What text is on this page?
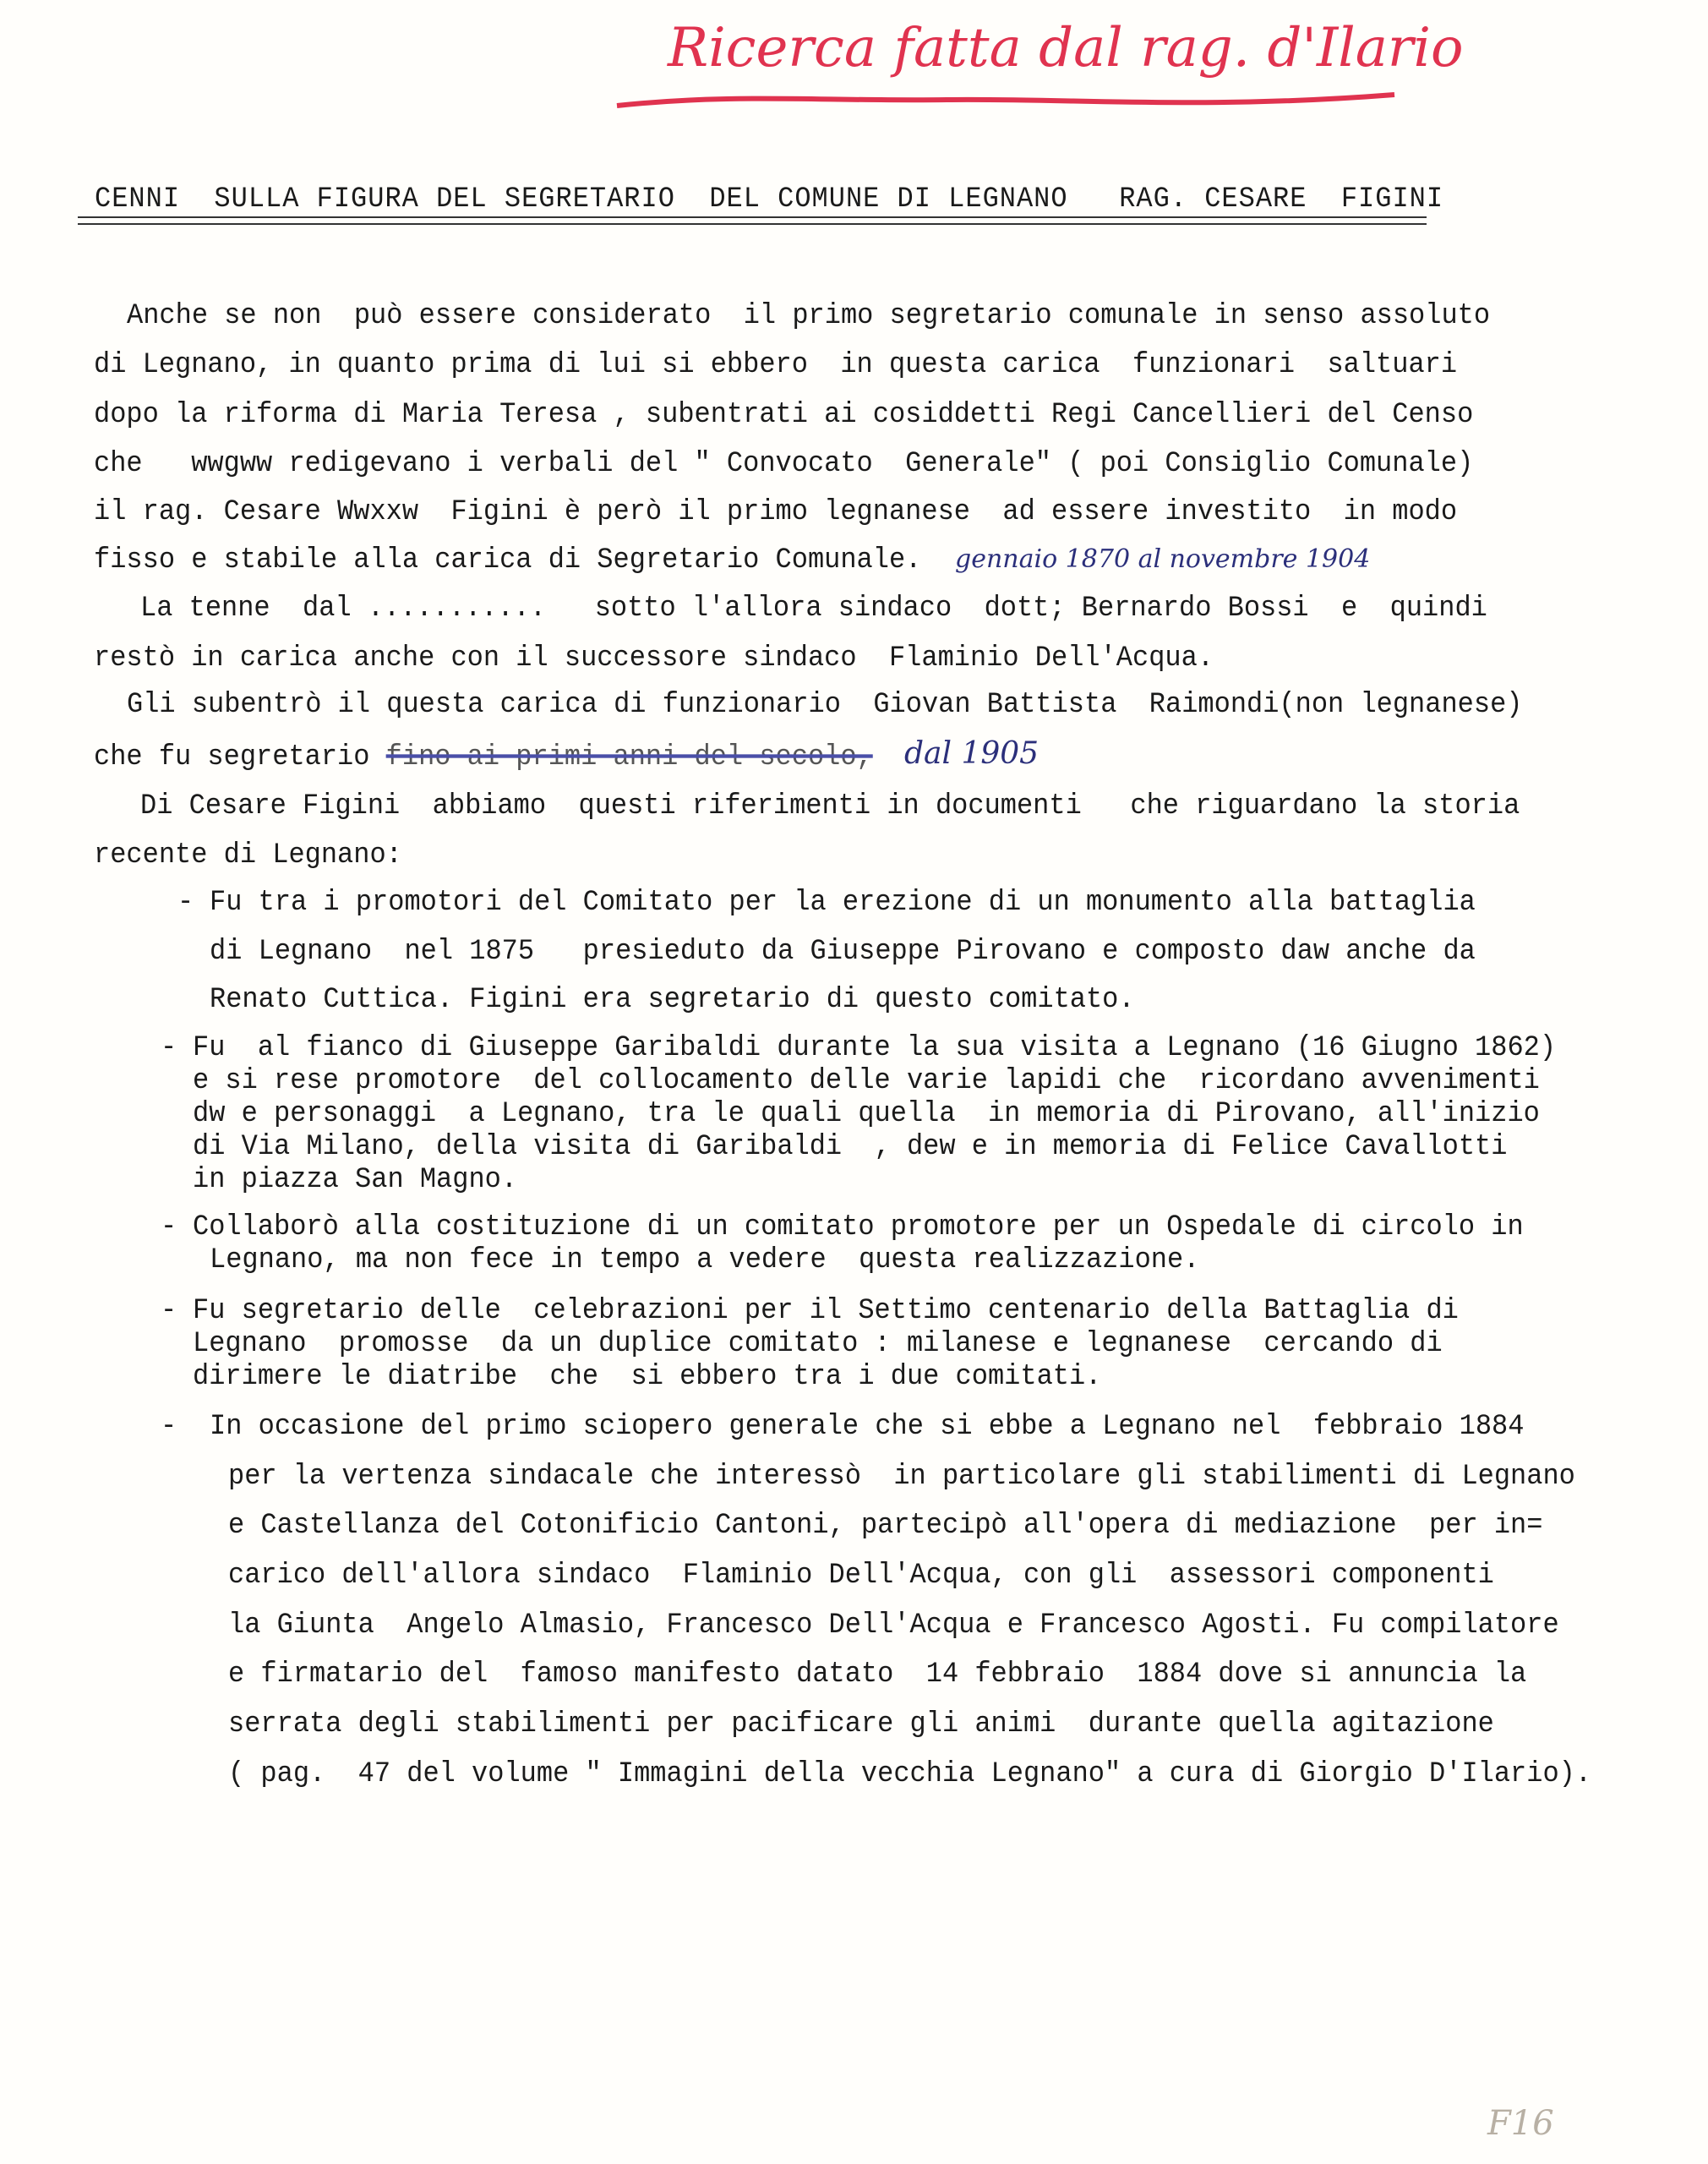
Ricerca fatta dal rag. d'Ilario
CENNI  SULLA FIGURA DEL SEGRETARIO  DEL COMUNE DI LEGNANO   RAG. CESARE  FIGINI
Anche se non  può essere considerato  il primo segretario comunale in senso assoluto
di Legnano, in quanto prima di lui si ebbero  in questa carica  funzionari  saltuari
dopo la riforma di Maria Teresa , subentrati ai cosiddetti Regi Cancellieri del Censo
che   wwgww redigevano i verbali del " Convocato  Generale" ( poi Consiglio Comunale)
il rag. Cesare Wwxxw  Figini è però il primo legnanese  ad essere investito  in modo
fisso e stabile alla carica di Segretario Comunale. gennaio 1870 al novembre 1904
La tenne  dal ...........   sotto l'allora sindaco  dott; Bernardo Bossi  e  quindi
restò in carica anche con il successore sindaco  Flaminio Dell'Acqua.
Gli subentrò il questa carica di funzionario  Giovan Battista  Raimondi(non legnanese)
che fu segretario fino ai primi anni del secolo, dal 1905
Di Cesare Figini  abbiamo  questi riferimenti in documenti   che riguardano la storia
recente di Legnano:
- Fu tra i promotori del Comitato per la erezione di un monumento alla battaglia
di Legnano  nel 1875   presieduto da Giuseppe Pirovano e composto daw anche da
Renato Cuttica. Figini era segretario di questo comitato.
- Fu  al fianco di Giuseppe Garibaldi durante la sua visita a Legnano (16 Giugno 1862)
e si rese promotore  del collocamento delle varie lapidi che  ricordano avvenimenti
dw e personaggi  a Legnano, tra le quali quella  in memoria di Pirovano, all'inizio
di Via Milano, della visita di Garibaldi  , dew e in memoria di Felice Cavallotti
in piazza San Magno.
- Collaborò alla costituzione di un comitato promotore per un Ospedale di circolo in
Legnano, ma non fece in tempo a vedere  questa realizzazione.
- Fu segretario delle  celebrazioni per il Settimo centenario della Battaglia di
Legnano  promosse  da un duplice comitato : milanese e legnanese  cercando di
dirimere le diatribe  che  si ebbero tra i due comitati.
- In occasione del primo sciopero generale che si ebbe a Legnano nel  febbraio 1884
per la vertenza sindacale che interessò  in particolare gli stabilimenti di Legnano
e Castellanza del Cotonificio Cantoni, partecipò all'opera di mediazione  per in=
carico dell'allora sindaco  Flaminio Dell'Acqua, con gli  assessori componenti
la Giunta  Angelo Almasio, Francesco Dell'Acqua e Francesco Agosti. Fu compilatore
e firmatario del  famoso manifesto datato  14 febbraio  1884 dove si annuncia la
serrata degli stabilimenti per pacificare gli animi  durante quella agitazione
( pag.  47 del volume " Immagini della vecchia Legnano" a cura di Giorgio D'Ilario).
F16
